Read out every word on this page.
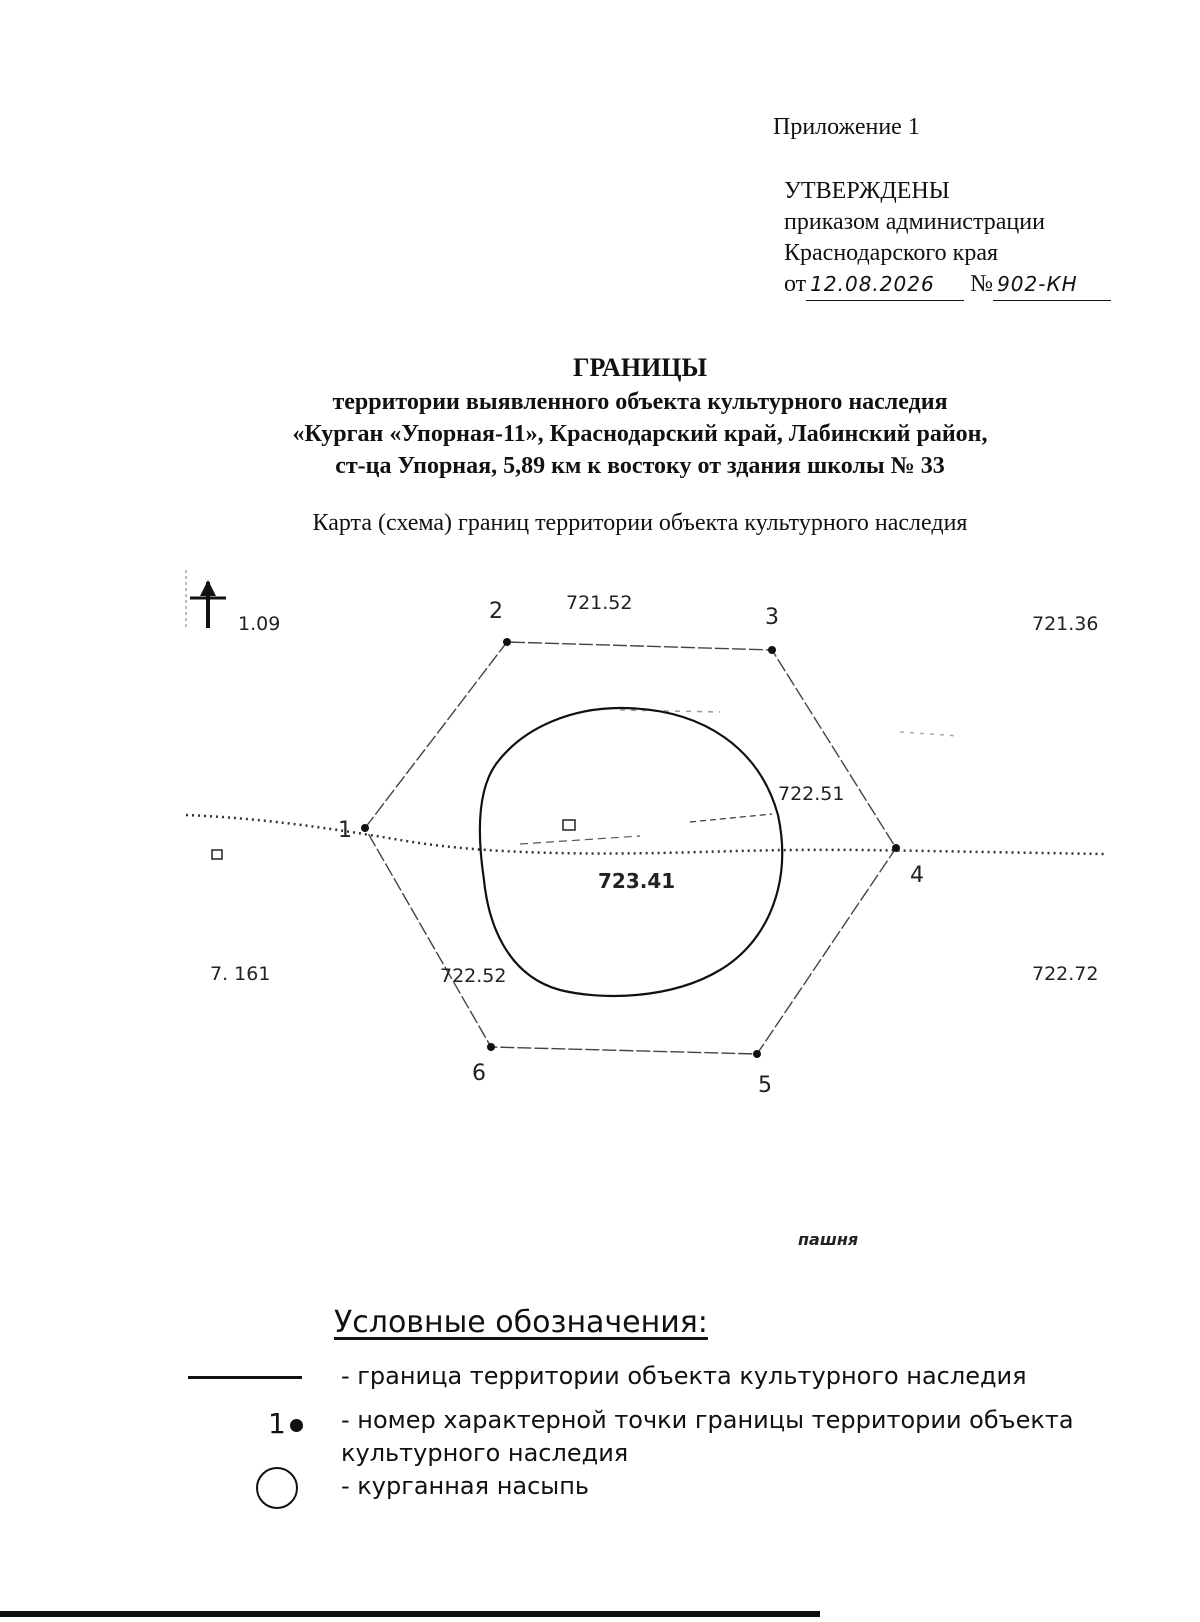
Приложение 1
УТВЕРЖДЕНЫ
приказом администрации
Краснодарского края
от 12.08.2026 № 902-КН
ГРАНИЦЫ
территории выявленного объекта культурного наследия
«Курган «Упорная-11», Краснодарский край, Лабинский район,
ст-ца Упорная, 5,89 км к востоку от здания школы № 33
Карта (схема) границ территории объекта культурного наследия
1
2	3
4
5
6
1.09	721.36
721.52
722.51
723.41
722.52
7. 161	722.72
пашня
Условные обозначения:
- граница территории объекта культурного наследия
1	- номер характерной точки границы территории объекта
культурного наследия
- курганная насыпь
